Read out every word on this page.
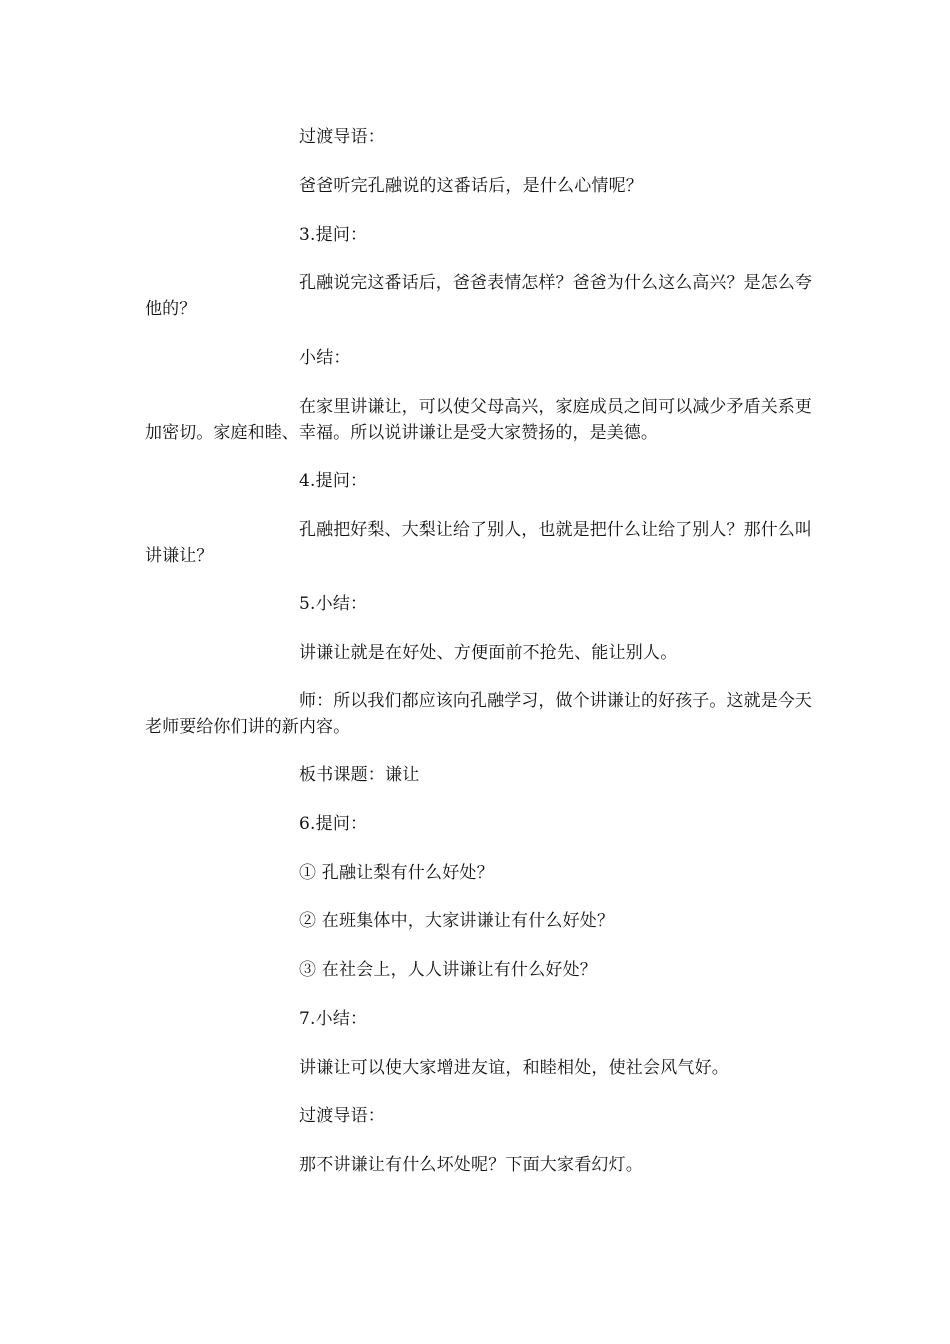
过渡导语：

爸爸听完孔融说的这番话后，是什么心情呢？

3.提问：

孔融说完这番话后，爸爸表情怎样？爸爸为什么这么高兴？是怎么夸他的？

小结：

在家里讲谦让，可以使父母高兴，家庭成员之间可以减少矛盾关系更加密切。家庭和睦、幸福。所以说讲谦让是受大家赞扬的，是美德。

4.提问：

孔融把好梨、大梨让给了别人，也就是把什么让给了别人？那什么叫讲谦让？

5.小结：

讲谦让就是在好处、方便面前不抢先、能让别人。

师：所以我们都应该向孔融学习，做个讲谦让的好孩子。这就是今天老师要给你们讲的新内容。

板书课题：谦让

6.提问：

① 孔融让梨有什么好处？

② 在班集体中，大家讲谦让有什么好处？

③ 在社会上，人人讲谦让有什么好处？

7.小结：

讲谦让可以使大家增进友谊，和睦相处，使社会风气好。

过渡导语：

那不讲谦让有什么坏处呢？下面大家看幻灯。
